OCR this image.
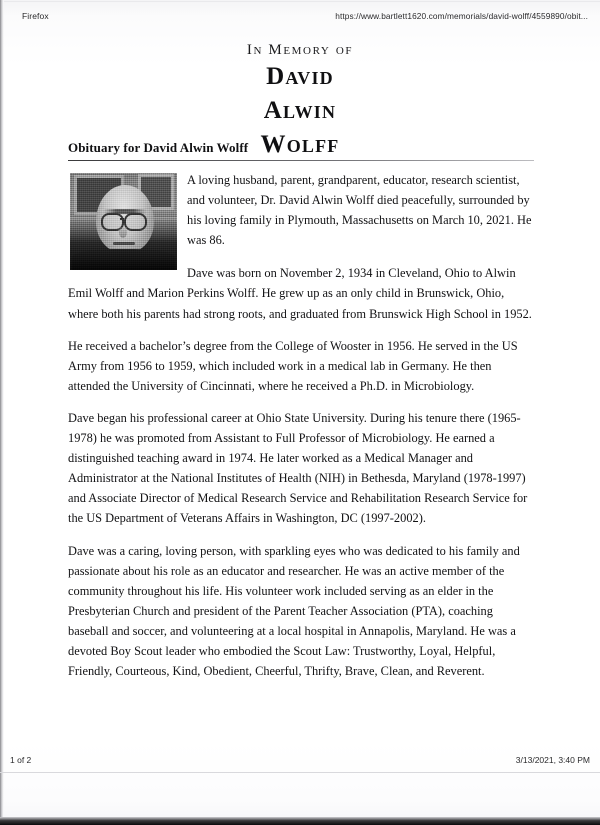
Firefox	https://www.bartlett1620.com/memorials/david-wolff/4559890/obit...
In Memory of
David
Alwin
Wolff
Obituary for David Alwin Wolff

A loving husband, parent, grandparent, educator, research scientist, and volunteer, Dr. David Alwin Wolff died peacefully, surrounded by his loving family in Plymouth, Massachusetts on March 10, 2021. He was 86.

Dave was born on November 2, 1934 in Cleveland, Ohio to Alwin Emil Wolff and Marion Perkins Wolff. He grew up as an only child in Brunswick, Ohio, where both his parents had strong roots, and graduated from Brunswick High School in 1952.

He received a bachelor’s degree from the College of Wooster in 1956. He served in the US Army from 1956 to 1959, which included work in a medical lab in Germany. He then attended the University of Cincinnati, where he received a Ph.D. in Microbiology.

Dave began his professional career at Ohio State University. During his tenure there (1965-1978) he was promoted from Assistant to Full Professor of Microbiology. He earned a distinguished teaching award in 1974. He later worked as a Medical Manager and Administrator at the National Institutes of Health (NIH) in Bethesda, Maryland (1978-1997) and Associate Director of Medical Research Service and Rehabilitation Research Service for the US Department of Veterans Affairs in Washington, DC (1997-2002).

Dave was a caring, loving person, with sparkling eyes who was dedicated to his family and passionate about his role as an educator and researcher. He was an active member of the community throughout his life. His volunteer work included serving as an elder in the Presbyterian Church and president of the Parent Teacher Association (PTA), coaching baseball and soccer, and volunteering at a local hospital in Annapolis, Maryland. He was a devoted Boy Scout leader who embodied the Scout Law: Trustworthy, Loyal, Helpful, Friendly, Courteous, Kind, Obedient, Cheerful, Thrifty, Brave, Clean, and Reverent.

1 of 2	3/13/2021, 3:40 PM
